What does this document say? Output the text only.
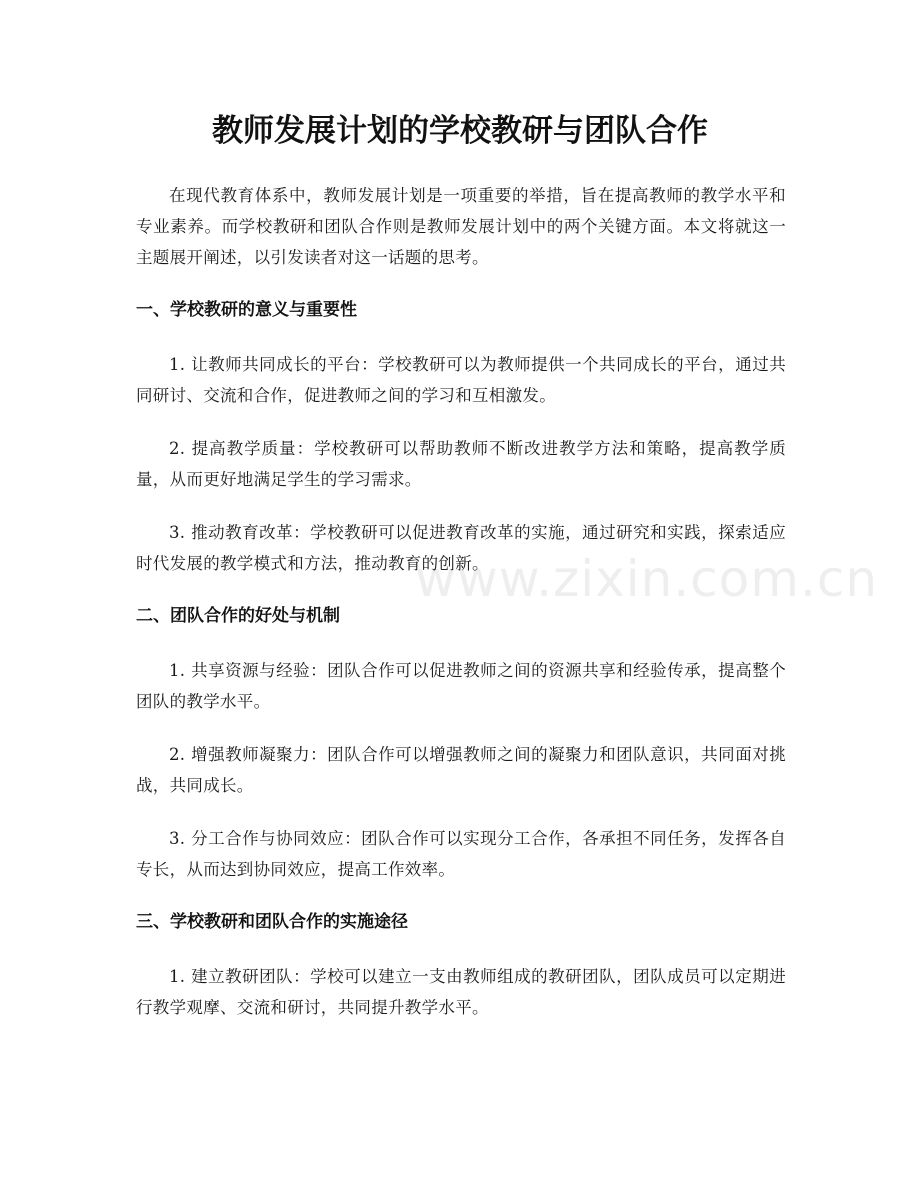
教师发展计划的学校教研与团队合作

在现代教育体系中，教师发展计划是一项重要的举措，旨在提高教师的教学水平和专业素养。而学校教研和团队合作则是教师发展计划中的两个关键方面。本文将就这一主题展开阐述，以引发读者对这一话题的思考。

一、学校教研的意义与重要性

1. 让教师共同成长的平台：学校教研可以为教师提供一个共同成长的平台，通过共同研讨、交流和合作，促进教师之间的学习和互相激发。

2. 提高教学质量：学校教研可以帮助教师不断改进教学方法和策略，提高教学质量，从而更好地满足学生的学习需求。

3. 推动教育改革：学校教研可以促进教育改革的实施，通过研究和实践，探索适应时代发展的教学模式和方法，推动教育的创新。

二、团队合作的好处与机制

1. 共享资源与经验：团队合作可以促进教师之间的资源共享和经验传承，提高整个团队的教学水平。

2. 增强教师凝聚力：团队合作可以增强教师之间的凝聚力和团队意识，共同面对挑战，共同成长。

3. 分工合作与协同效应：团队合作可以实现分工合作，各承担不同任务，发挥各自专长，从而达到协同效应，提高工作效率。

三、学校教研和团队合作的实施途径

1. 建立教研团队：学校可以建立一支由教师组成的教研团队，团队成员可以定期进行教学观摩、交流和研讨，共同提升教学水平。

www.zixin.com.cn
